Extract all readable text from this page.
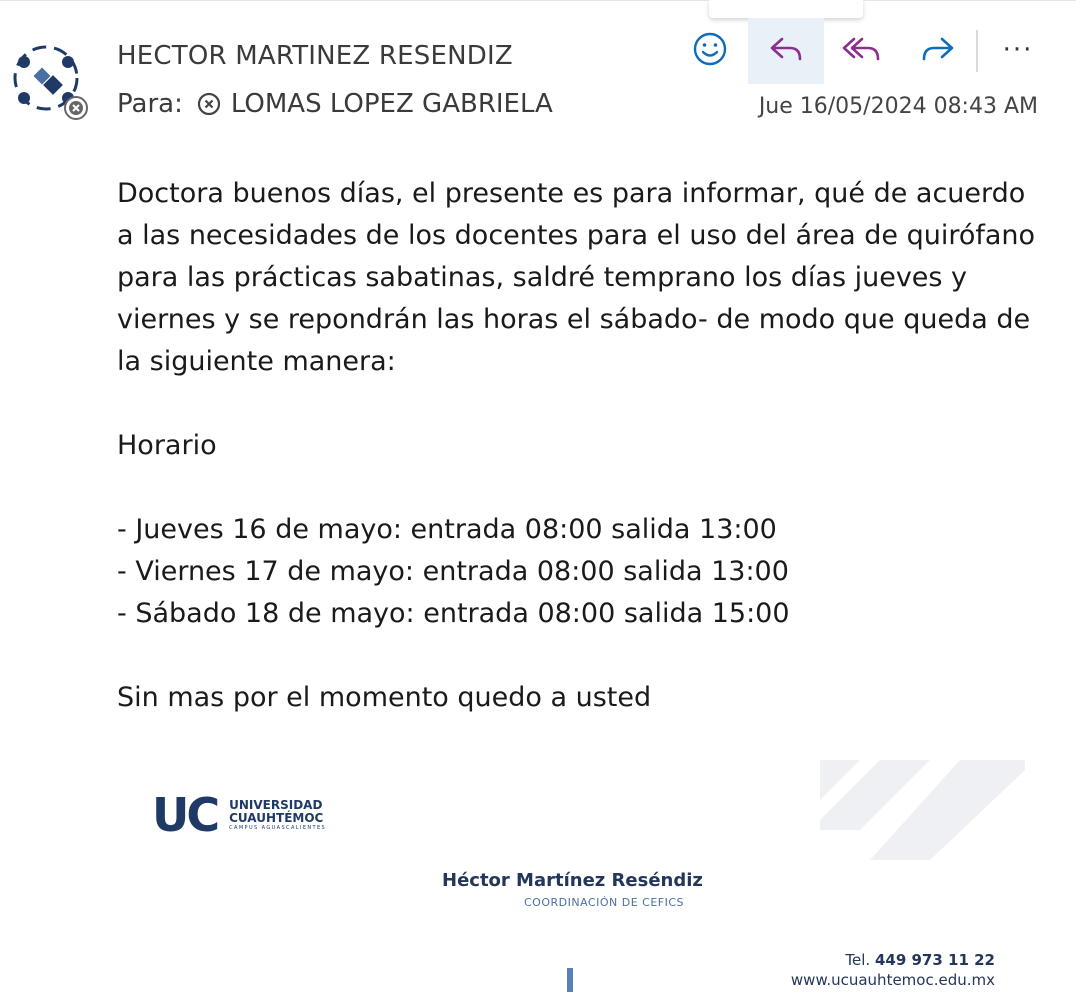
HECTOR MARTINEZ RESENDIZ
Para: LOMAS LOPEZ GABRIELA	Jue 16/05/2024 08:43 AM
···

Doctora buenos días, el presente es para informar, qué de acuerdo a las necesidades de los docentes para el uso del área de quirófano para las prácticas sabatinas, saldré temprano los días jueves y viernes y se repondrán las horas el sábado- de modo que queda de la siguiente manera:

Horario

- Jueves 16 de mayo: entrada 08:00 salida 13:00

- Viernes 17 de mayo: entrada 08:00 salida 13:00

- Sábado 18 de mayo: entrada 08:00 salida 15:00

Sin mas por el momento quedo a usted

UC UNIVERSIDAD
CUAUHTÉMOC
CAMPUS AGUASCALIENTES
Héctor Martínez Reséndiz
COORDINACIÓN DE CEFICS
Tel. 449 973 11 22
www.ucuauhtemoc.edu.mx
